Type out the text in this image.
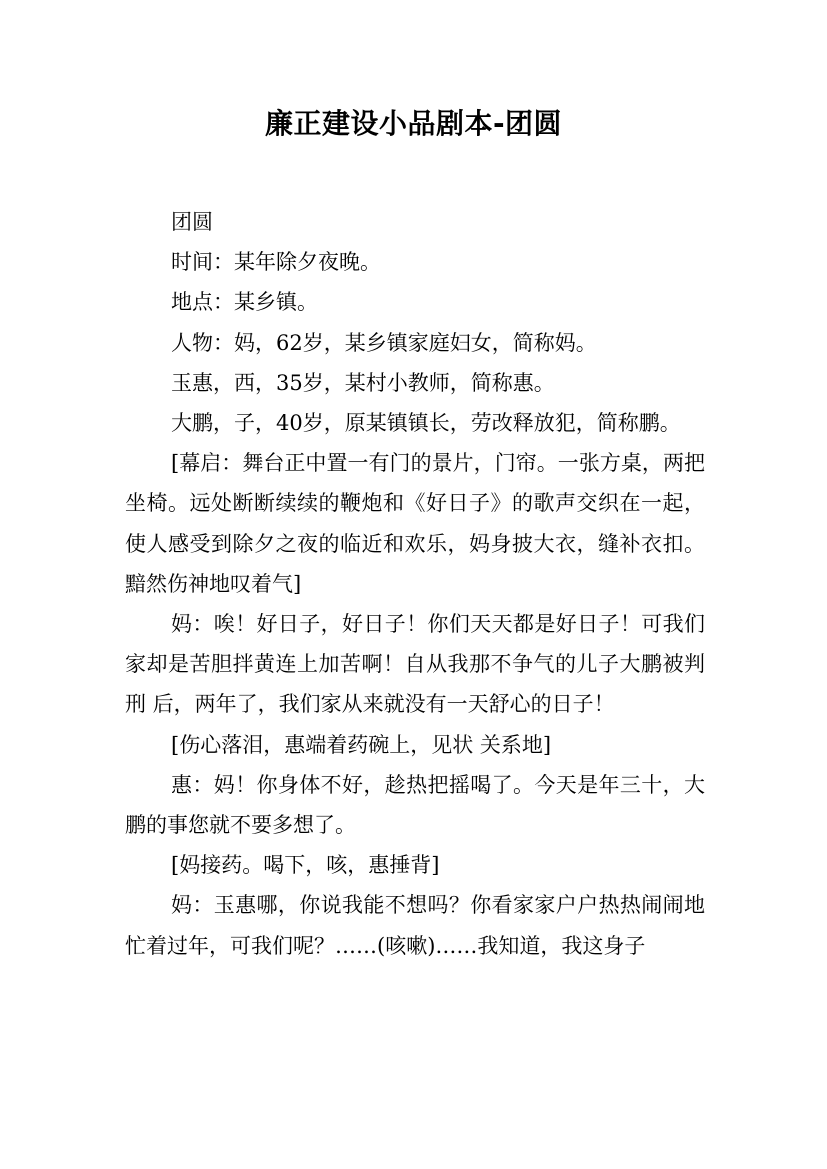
廉正建设小品剧本-团圆

团圆

时间：某年除夕夜晚。

地点：某乡镇。

人物：妈，62岁，某乡镇家庭妇女，简称妈。

玉惠，西，35岁，某村小教师，简称惠。

大鹏，子，40岁，原某镇镇长，劳改释放犯，简称鹏。

[幕启：舞台正中置一有门的景片，门帘。一张方桌，两把坐椅。远处断断续续的鞭炮和《好日子》的歌声交织在一起，使人感受到除夕之夜的临近和欢乐，妈身披大衣，缝补衣扣。黯然伤神地叹着气]

妈：唉！好日子，好日子！你们天天都是好日子！可我们家却是苦胆拌黄连上加苦啊！自从我那不争气的儿子大鹏被判刑 后，两年了，我们家从来就没有一天舒心的日子！

[伤心落泪，惠端着药碗上，见状 关系地]

惠：妈！你身体不好，趁热把摇喝了。今天是年三十，大鹏的事您就不要多想了。

[妈接药。喝下，咳，惠捶背]

妈：玉惠哪，你说我能不想吗？你看家家户户热热闹闹地忙着过年，可我们呢？……(咳嗽)……我知道，我这身子
